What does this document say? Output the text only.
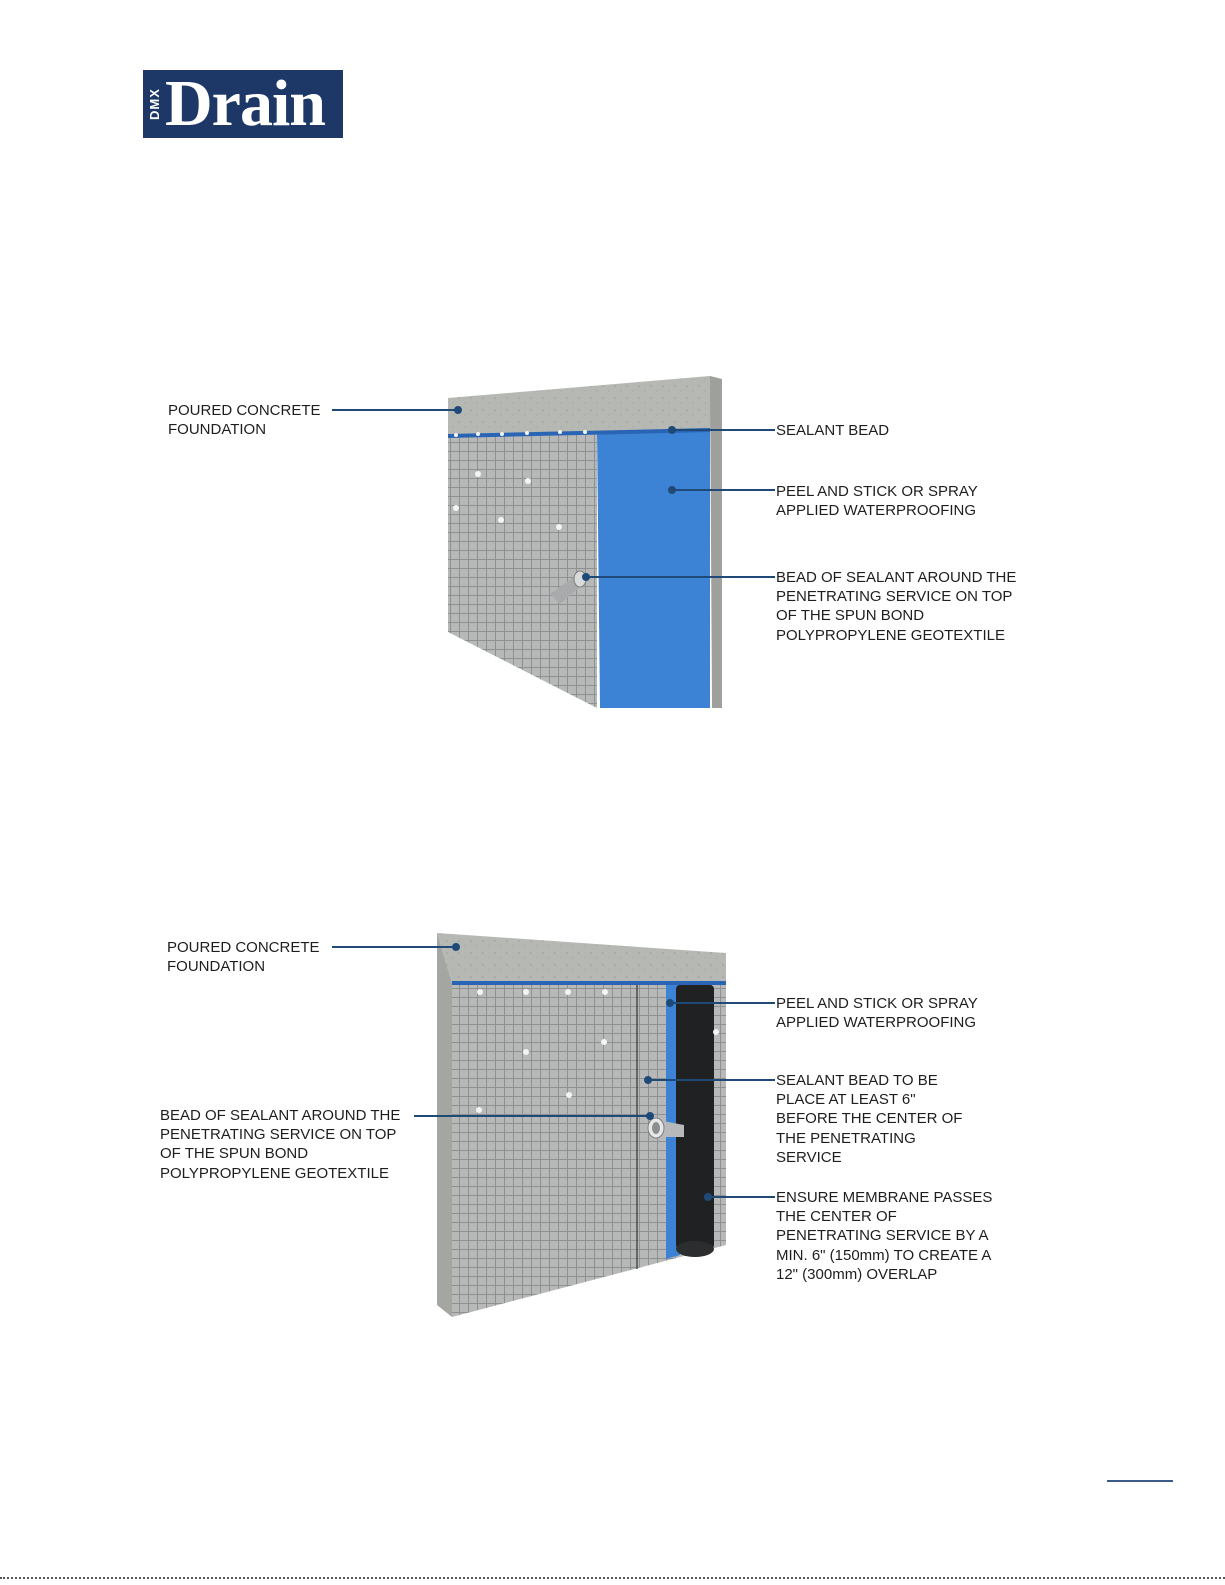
DMX Drain
POURED CONCRETE
FOUNDATION	SEALANT BEAD
PEEL AND STICK OR SPRAY
APPLIED WATERPROOFING
BEAD OF SEALANT AROUND THE
PENETRATING SERVICE ON TOP
OF THE SPUN BOND
POLYPROPYLENE GEOTEXTILE
POURED CONCRETE
FOUNDATION
PEEL AND STICK OR SPRAY
APPLIED WATERPROOFING
SEALANT BEAD TO BE
PLACE AT LEAST 6"
BEFORE THE CENTER OF
THE PENETRATING
SERVICE
BEAD OF SEALANT AROUND THE
PENETRATING SERVICE ON TOP
OF THE SPUN BOND
POLYPROPYLENE GEOTEXTILE
ENSURE MEMBRANE PASSES
THE CENTER OF
PENETRATING SERVICE BY A
MIN. 6" (150mm) TO CREATE A
12" (300mm) OVERLAP
